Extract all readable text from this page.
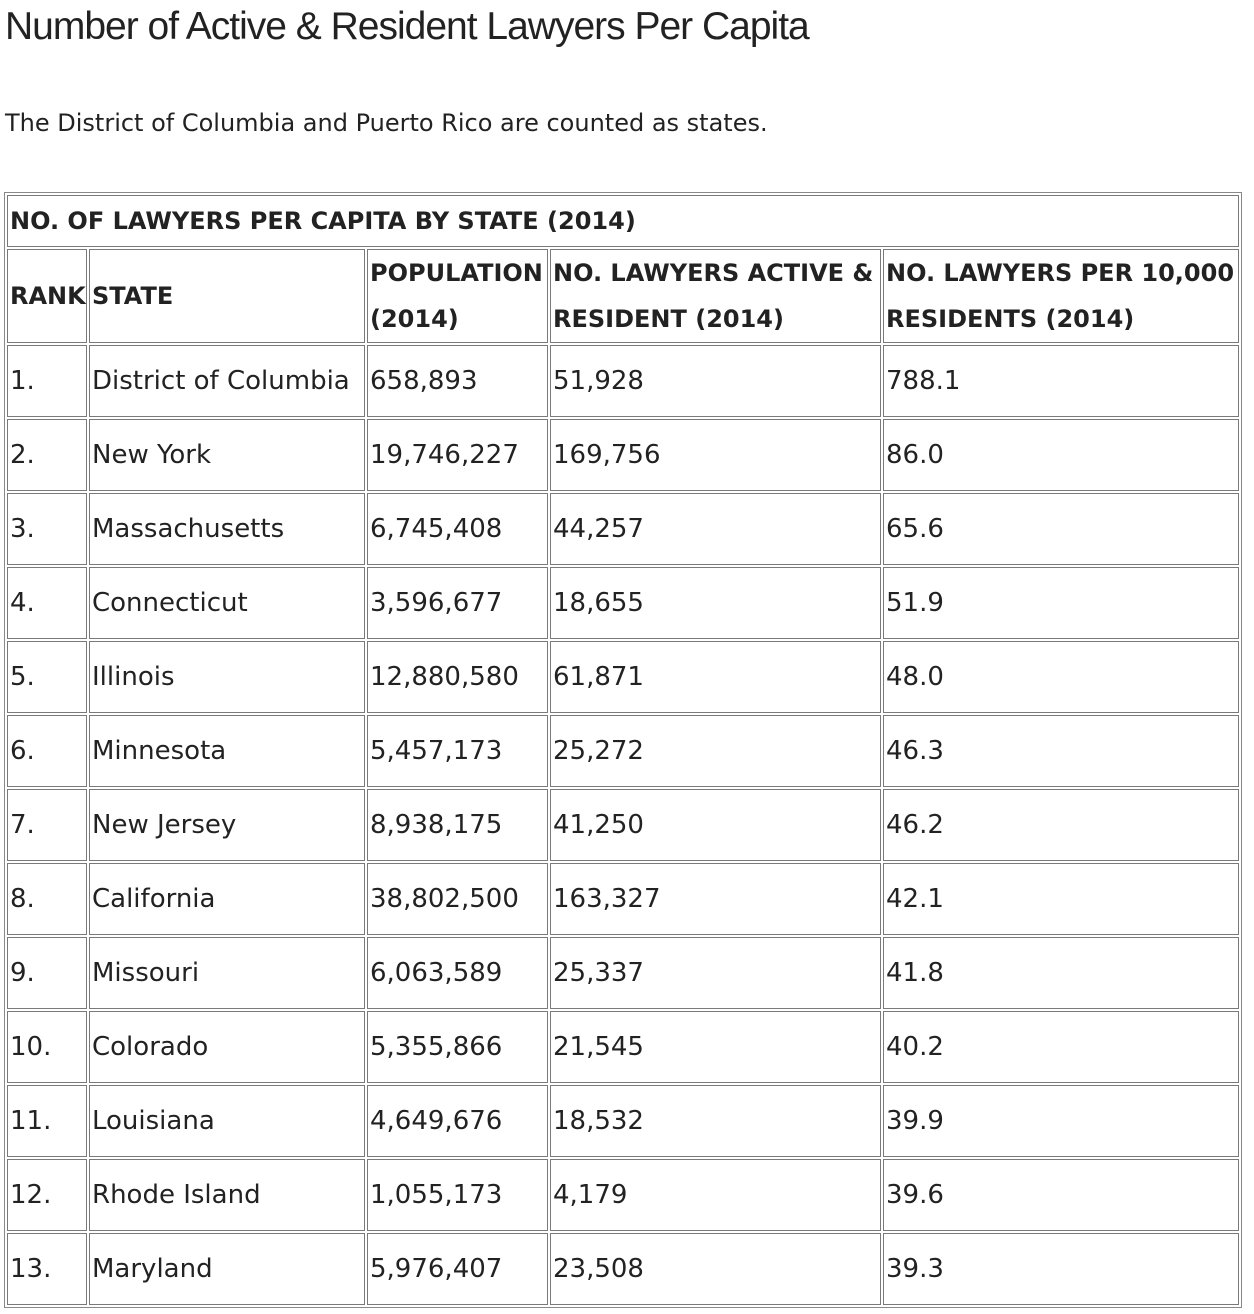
Number of Active & Resident Lawyers Per Capita

The District of Columbia and Puerto Rico are counted as states.

NO. OF LAWYERS PER CAPITA BY STATE (2014)				
RANK	STATE	POPULATION (2014)	NO. LAWYERS ACTIVE & RESIDENT (2014)	NO. LAWYERS PER 10,000 RESIDENTS (2014)
1.	District of Columbia	658,893	51,928	788.1
2.	New York	19,746,227	169,756	86.0
3.	Massachusetts	6,745,408	44,257	65.6
4.	Connecticut	3,596,677	18,655	51.9
5.	Illinois	12,880,580	61,871	48.0
6.	Minnesota	5,457,173	25,272	46.3
7.	New Jersey	8,938,175	41,250	46.2
8.	California	38,802,500	163,327	42.1
9.	Missouri	6,063,589	25,337	41.8
10.	Colorado	5,355,866	21,545	40.2
11.	Louisiana	4,649,676	18,532	39.9
12.	Rhode Island	1,055,173	4,179	39.6
13.	Maryland	5,976,407	23,508	39.3
